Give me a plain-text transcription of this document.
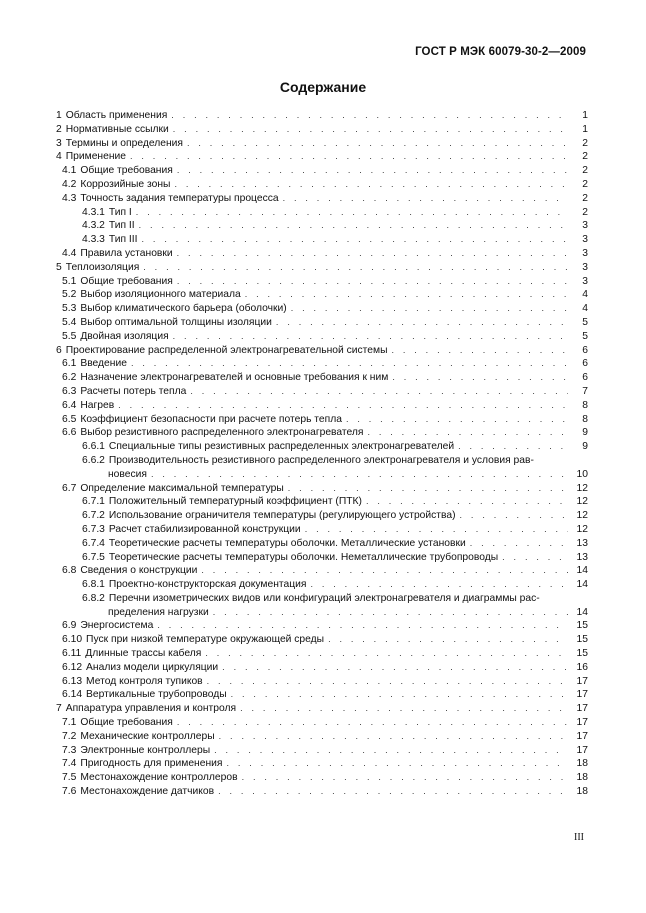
ГОСТ Р МЭК 60079-30-2—2009
Содержание
1 Область применения . . .	1
2 Нормативные ссылки . . .	1
3 Термины и определения . . .	2
4 Применение . . .	2
4.1 Общие требования . . .	2
4.2 Коррозийные зоны . . .	2
4.3 Точность задания температуры процесса . . .	2
4.3.1 Тип I . . .	2
4.3.2 Тип II . . .	3
4.3.3 Тип III . . .	3
4.4 Правила установки . . .	3
5 Теплоизоляция . . .	3
5.1 Общие требования . . .	3
5.2 Выбор изоляционного материала . . .	4
5.3 Выбор климатического барьера (оболочки) . . .	4
5.4 Выбор оптимальной толщины изоляции . . .	5
5.5 Двойная изоляция . . .	5
6 Проектирование распределенной электронагревательной системы . . .	6
6.1 Введение . . .	6
6.2 Назначение электронагревателей и основные требования к ним . . .	6
6.3 Расчеты потерь тепла . . .	7
6.4 Нагрев . . .	8
6.5 Коэффициент безопасности при расчете потерь тепла . . .	8
6.6 Выбор резистивного распределенного электронагревателя . . .	9
6.6.1 Специальные типы резистивных распределенных электронагревателей . . .	9
6.6.2 Производительность резистивного распределенного электронагревателя и условия рав-
новесия . . .	10
6.7 Определение максимальной температуры . . .	12
6.7.1 Положительный температурный коэффициент (ПТК) . . .	12
6.7.2 Использование ограничителя температуры (регулирующего устройства) . . .	12
6.7.3 Расчет стабилизированной конструкции . . .	12
6.7.4 Теоретические расчеты температуры оболочки. Металлические установки . . .	13
6.7.5 Теоретические расчеты температуры оболочки. Неметаллические трубопроводы . . .	13
6.8 Сведения о конструкции . . .	14
6.8.1 Проектно-конструкторская документация . . .	14
6.8.2 Перечни изометрических видов или конфигураций электронагревателя и диаграммы рас-
пределения нагрузки . . .	14
6.9 Энергосистема . . .	15
6.10 Пуск при низкой температуре окружающей среды . . .	15
6.11 Длинные трассы кабеля . . .	15
6.12 Анализ модели циркуляции . . .	16
6.13 Метод контроля тупиков . . .	17
6.14 Вертикальные трубопроводы . . .	17
7 Аппаратура управления и контроля . . .	17
7.1 Общие требования . . .	17
7.2 Механические контроллеры . . .	17
7.3 Электронные контроллеры . . .	17
7.4 Пригодность для применения . . .	18
7.5 Местонахождение контроллеров . . .	18
7.6 Местонахождение датчиков . . .	18
III
